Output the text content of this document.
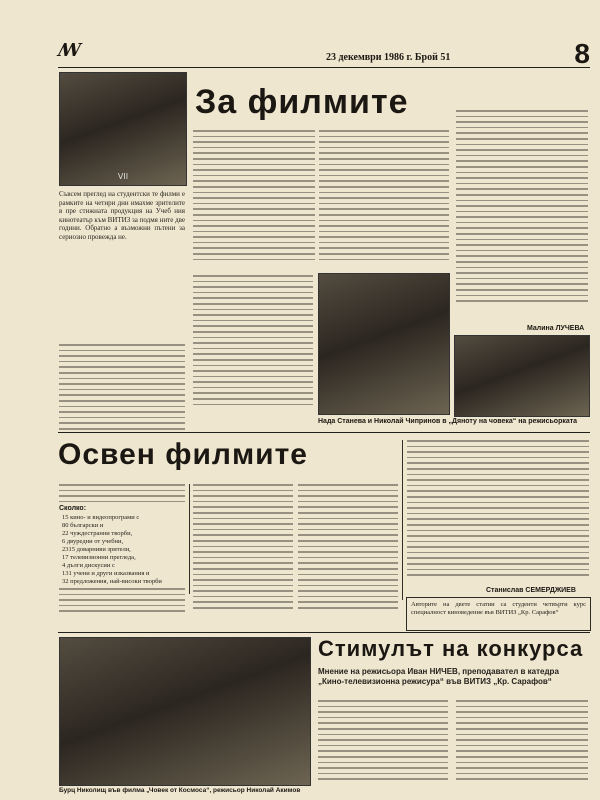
ꟿ	23 декември 1986 г. Брой 51	8
VII
За филмите
Съвсем преглед на студентски те филми е рамките на четири дни имахме зрителите в пре стижната продукция на Учеб ния кинотеатър към ВИТИЗ за подмя ните две години. Обратно а възможни пътени за сериозно провежда не.
Малина ЛУЧЕВА
Нада Станева и Николай Чипринов в „Дяноту на човека“ на режисьорката
Освен филмите
Сколко:
15 кино- и видеопрограми с
80 български и
22 чуждестранни творби,
6 двуредни от учебни,
2315 доварниви зрители,
17 телевизионни прегледа,
4 дълги дискусии с
131 учени и други изказвания и
32 предложения, най-високи творби
Станислав СЕМЕРДЖИЕВ
Авторите на двете статии са студенти четвърти курс специалност киноведение във ВИТИЗ „Кр. Сарафов“
Стимулът на конкурса
Мнение на режисьора Иван НИЧЕВ, преподавател в катедра „Кино-телевизионна режисура“ във ВИТИЗ „Кр. Сарафов“
Бурц Николищ във филма „Човек от Космоса“, режисьор Николай Акимов
